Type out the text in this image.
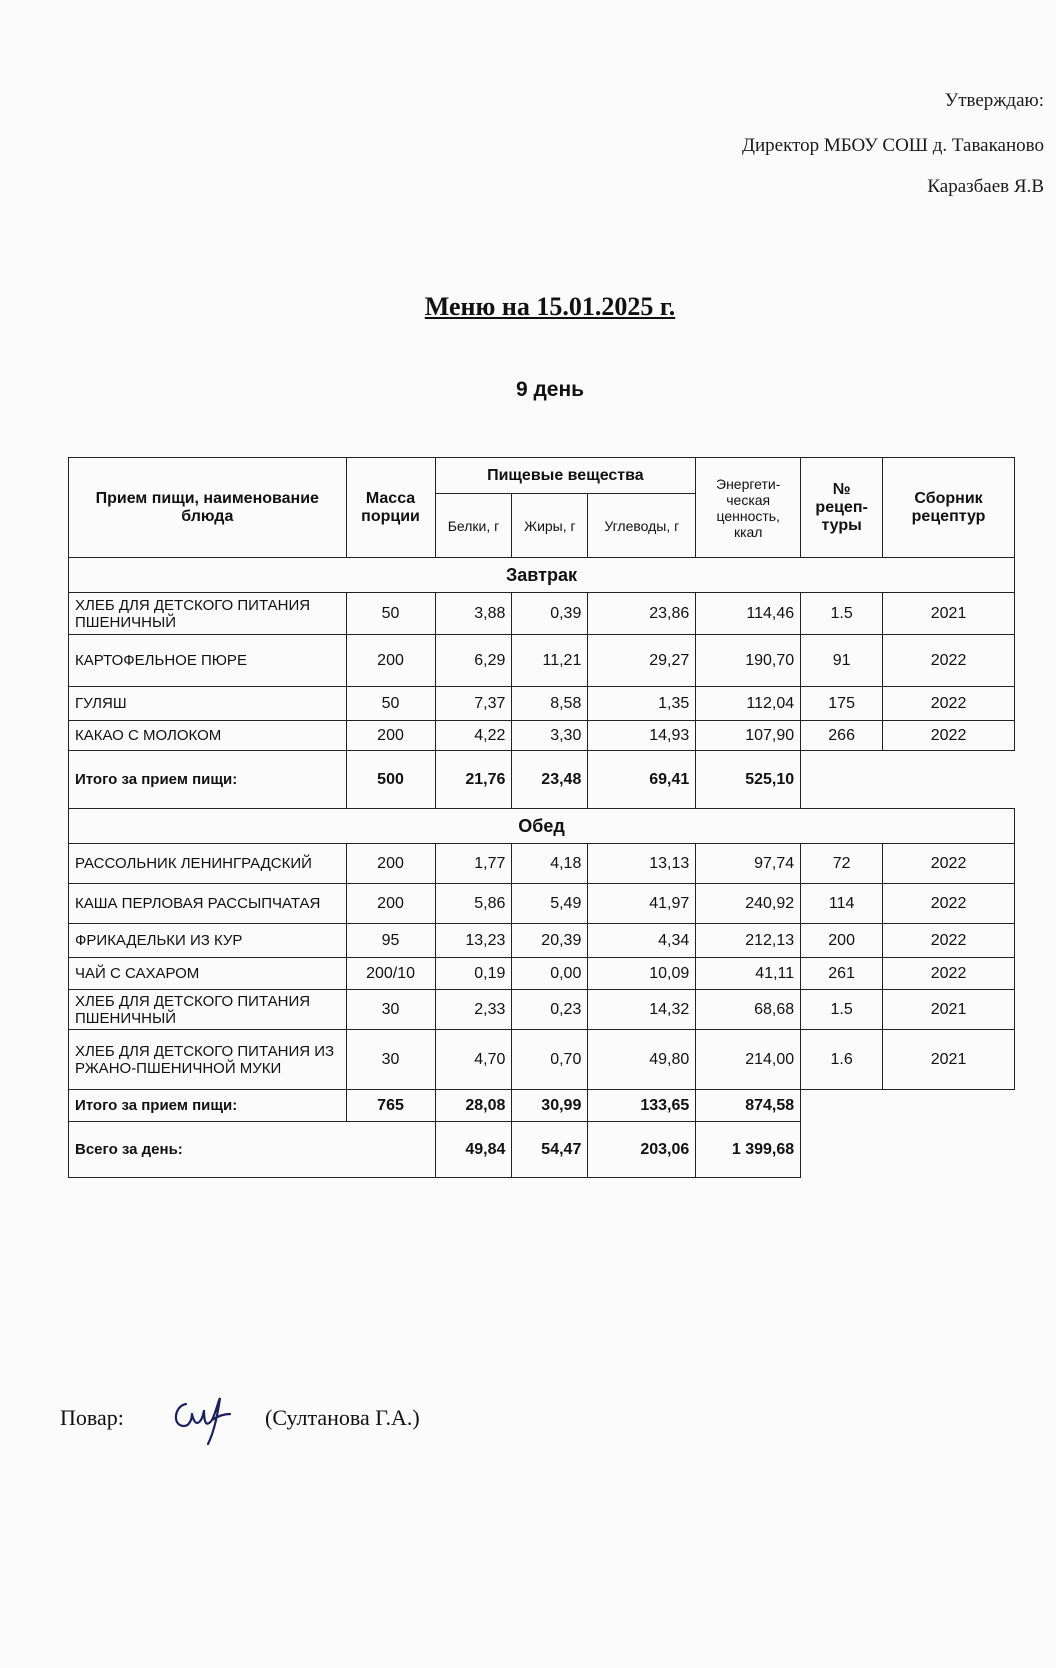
Утверждаю:
Директор МБОУ СОШ д. Таваканово
Каразбаев Я.В
Меню на 15.01.2025 г.
9 день
Прием пищи, наименование блюда	Масса порции	Пищевые вещества			Энергети-ческая ценность, ккал	№ рецеп-туры	Сборник рецептур
		Белки, г	Жиры, г	Углеводы, г			
Завтрак							
ХЛЕБ ДЛЯ ДЕТСКОГО ПИТАНИЯ ПШЕНИЧНЫЙ	50	3,88	0,39	23,86	114,46	1.5	2021
КАРТОФЕЛЬНОЕ ПЮРЕ	200	6,29	11,21	29,27	190,70	91	2022
ГУЛЯШ	50	7,37	8,58	1,35	112,04	175	2022
КАКАО С МОЛОКОМ	200	4,22	3,30	14,93	107,90	266	2022
Итого за прием пищи:	500	21,76	23,48	69,41	525,10		
Обед							
РАССОЛЬНИК ЛЕНИНГРАДСКИЙ	200	1,77	4,18	13,13	97,74	72	2022
КАША ПЕРЛОВАЯ РАССЫПЧАТАЯ	200	5,86	5,49	41,97	240,92	114	2022
ФРИКАДЕЛЬКИ ИЗ КУР	95	13,23	20,39	4,34	212,13	200	2022
ЧАЙ С САХАРОМ	200/10	0,19	0,00	10,09	41,11	261	2022
ХЛЕБ ДЛЯ ДЕТСКОГО ПИТАНИЯ ПШЕНИЧНЫЙ	30	2,33	0,23	14,32	68,68	1.5	2021
ХЛЕБ ДЛЯ ДЕТСКОГО ПИТАНИЯ ИЗ РЖАНО-ПШЕНИЧНОЙ МУКИ	30	4,70	0,70	49,80	214,00	1.6	2021
Итого за прием пищи:	765	28,08	30,99	133,65	874,58		
Всего за день:		49,84	54,47	203,06	1 399,68		
Повар:	(Султанова Г.А.)
